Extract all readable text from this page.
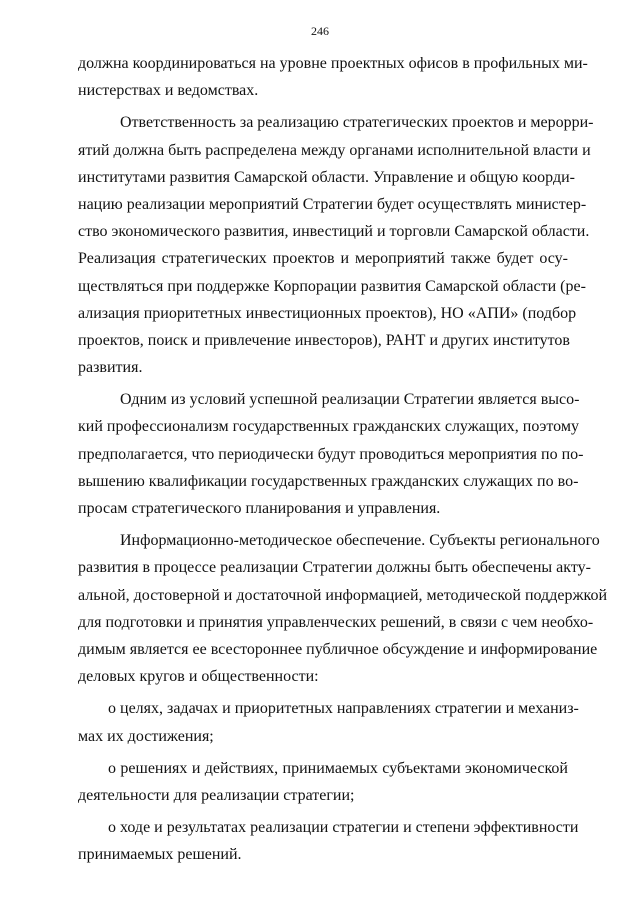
246
должна координироваться на уровне проектных офисов в профильных ми-
нистерствах и ведомствах.
Ответственность за реализацию стратегических проектов и мероpри-
ятий должна быть распределена между органами исполнительной власти и
институтами развития Самарской области. Управление и общую коорди-
нацию реализации мероприятий Стратегии будет осуществлять министер-
ство экономического развития, инвестиций и торговли Самарской области.
Реализация стратегических проектов и мероприятий также будет осу-
ществляться при поддержке Корпорации развития Самарской области (ре-
ализация приоритетных инвестиционных проектов), НО «АПИ» (подбор
проектов, поиск и привлечение инвесторов), РАНТ и других институтов
развития.
Одним из условий успешной реализации Стратегии является высо-
кий профессионализм государственных гражданских служащих, поэтому
предполагается, что периодически будут проводиться мероприятия по по-
вышению квалификации государственных гражданских служащих по во-
просам стратегического планирования и управления.
Информационно-методическое обеспечение. Субъекты регионального
развития в процессе реализации Стратегии должны быть обеспечены акту-
альной, достоверной и достаточной информацией, методической поддержкой
для подготовки и принятия управленческих решений, в связи с чем необхо-
димым является ее всестороннее публичное обсуждение и информирование
деловых кругов и общественности:
о целях, задачах и приоритетных направлениях стратегии и механиз-
мах их достижения;
о решениях и действиях, принимаемых субъектами экономической
деятельности для реализации стратегии;
о ходе и результатах реализации стратегии и степени эффективности
принимаемых решений.
